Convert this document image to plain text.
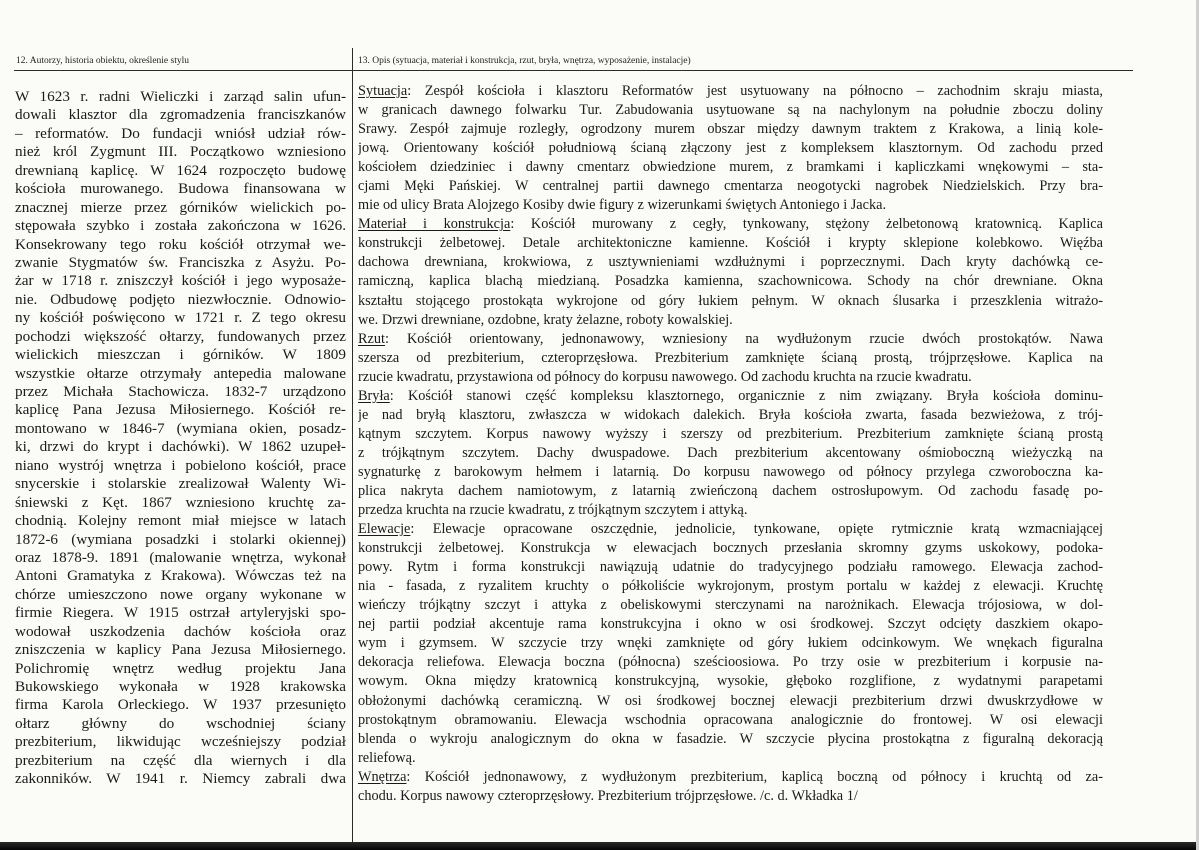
12. Autorzy, historia obiektu, określenie stylu	13. Opis (sytuacja, materiał i konstrukcja, rzut, bryła, wnętrza, wyposażenie, instalacje)
W 1623 r. radni Wieliczki i zarząd salin ufun-
dowali klasztor dla zgromadzenia franciszkanów
– reformatów. Do fundacji wniósł udział rów-
nież król Zygmunt III. Początkowo wzniesiono
drewnianą kaplicę. W 1624 rozpoczęto budowę
kościoła murowanego. Budowa finansowana w
znacznej mierze przez górników wielickich po-
stępowała szybko i została zakończona w 1626.
Konsekrowany tego roku kościół otrzymał we-
zwanie Stygmatów św. Franciszka z Asyżu. Po-
żar w 1718 r. zniszczył kościół i jego wyposaże-
nie. Odbudowę podjęto niezwłocznie. Odnowio-
ny kościół poświęcono w 1721 r. Z tego okresu
pochodzi większość ołtarzy, fundowanych przez
wielickich mieszczan i górników. W 1809
wszystkie ołtarze otrzymały antepedia malowane
przez Michała Stachowicza. 1832-7 urządzono
kaplicę Pana Jezusa Miłosiernego. Kościół re-
montowano w 1846-7 (wymiana okien, posadz-
ki, drzwi do krypt i dachówki). W 1862 uzupeł-
niano wystrój wnętrza i pobielono kościół, prace
snycerskie i stolarskie zrealizował Walenty Wi-
śniewski z Kęt. 1867 wzniesiono kruchtę za-
chodnią. Kolejny remont miał miejsce w latach
1872-6 (wymiana posadzki i stolarki okiennej)
oraz 1878-9. 1891 (malowanie wnętrza, wykonał
Antoni Gramatyka z Krakowa). Wówczas też na
chórze umieszczono nowe organy wykonane w
firmie Riegera. W 1915 ostrzał artyleryjski spo-
wodował uszkodzenia dachów kościoła oraz
zniszczenia w kaplicy Pana Jezusa Miłosiernego.
Polichromię wnętrz według projektu Jana
Bukowskiego wykonała w 1928 krakowska
firma Karola Orleckiego. W 1937 przesunięto
ołtarz główny do wschodniej ściany
prezbiterium, likwidując wcześniejszy podział
prezbiterium na część dla wiernych i dla
zakonników. W 1941 r. Niemcy zabrali dwa
Sytuacja: Zespół kościoła i klasztoru Reformatów jest usytuowany na północno – zachodnim skraju miasta,
w granicach dawnego folwarku Tur. Zabudowania usytuowane są na nachylonym na południe zboczu doliny
Srawy. Zespół zajmuje rozległy, ogrodzony murem obszar między dawnym traktem z Krakowa, a linią kole-
jową. Orientowany kościół południową ścianą złączony jest z kompleksem klasztornym. Od zachodu przed
kościołem dziedziniec i dawny cmentarz obwiedzione murem, z bramkami i kapliczkami wnękowymi – sta-
cjami Męki Pańskiej. W centralnej partii dawnego cmentarza neogotycki nagrobek Niedzielskich. Przy bra-
mie od ulicy Brata Alojzego Kosiby dwie figury z wizerunkami świętych Antoniego i Jacka.
Materiał i konstrukcja: Kościół murowany z cegły, tynkowany, stężony żelbetonową kratownicą. Kaplica
konstrukcji żelbetowej. Detale architektoniczne kamienne. Kościół i krypty sklepione kolebkowo. Więźba
dachowa drewniana, krokwiowa, z usztywnieniami wzdłużnymi i poprzecznymi. Dach kryty dachówką ce-
ramiczną, kaplica blachą miedzianą. Posadzka kamienna, szachownicowa. Schody na chór drewniane. Okna
kształtu stojącego prostokąta wykrojone od góry łukiem pełnym. W oknach ślusarka i przeszklenia witrażo-
we. Drzwi drewniane, ozdobne, kraty żelazne, roboty kowalskiej.
Rzut: Kościół orientowany, jednonawowy, wzniesiony na wydłużonym rzucie dwóch prostokątów. Nawa
szersza od prezbiterium, czteroprzęsłowa. Prezbiterium zamknięte ścianą prostą, trójprzęsłowe. Kaplica na
rzucie kwadratu, przystawiona od północy do korpusu nawowego. Od zachodu kruchta na rzucie kwadratu.
Bryła: Kościół stanowi część kompleksu klasztornego, organicznie z nim związany. Bryła kościoła dominu-
je nad bryłą klasztoru, zwłaszcza w widokach dalekich. Bryła kościoła zwarta, fasada bezwieżowa, z trój-
kątnym szczytem. Korpus nawowy wyższy i szerszy od prezbiterium. Prezbiterium zamknięte ścianą prostą
z trójkątnym szczytem. Dachy dwuspadowe. Dach prezbiterium akcentowany ośmioboczną wieżyczką na
sygnaturkę z barokowym hełmem i latarnią. Do korpusu nawowego od północy przylega czworoboczna ka-
plica nakryta dachem namiotowym, z latarnią zwieńczoną dachem ostrosłupowym. Od zachodu fasadę po-
przedza kruchta na rzucie kwadratu, z trójkątnym szczytem i attyką.
Elewacje: Elewacje opracowane oszczędnie, jednolicie, tynkowane, opięte rytmicznie kratą wzmacniającej
konstrukcji żelbetowej. Konstrukcja w elewacjach bocznych przesłania skromny gzyms uskokowy, podoka-
powy. Rytm i forma konstrukcji nawiązują udatnie do tradycyjnego podziału ramowego. Elewacja zachod-
nia - fasada, z ryzalitem kruchty o półkoliście wykrojonym, prostym portalu w każdej z elewacji. Kruchtę
wieńczy trójkątny szczyt i attyka z obeliskowymi sterczynami na narożnikach. Elewacja trójosiowa, w dol-
nej partii podział akcentuje rama konstrukcyjna i okno w osi środkowej. Szczyt odcięty daszkiem okapo-
wym i gzymsem. W szczycie trzy wnęki zamknięte od góry łukiem odcinkowym. We wnękach figuralna
dekoracja reliefowa. Elewacja boczna (północna) sześcioosiowa. Po trzy osie w prezbiterium i korpusie na-
wowym. Okna między kratownicą konstrukcyjną, wysokie, głęboko rozglifione, z wydatnymi parapetami
obłożonymi dachówką ceramiczną. W osi środkowej bocznej elewacji prezbiterium drzwi dwuskrzydłowe w
prostokątnym obramowaniu. Elewacja wschodnia opracowana analogicznie do frontowej. W osi elewacji
blenda o wykroju analogicznym do okna w fasadzie. W szczycie płycina prostokątna z figuralną dekoracją
reliefową.
Wnętrza: Kościół jednonawowy, z wydłużonym prezbiterium, kaplicą boczną od północy i kruchtą od za-
chodu. Korpus nawowy czteroprzęsłowy. Prezbiterium trójprzęsłowe. /c. d. Wkładka 1/
